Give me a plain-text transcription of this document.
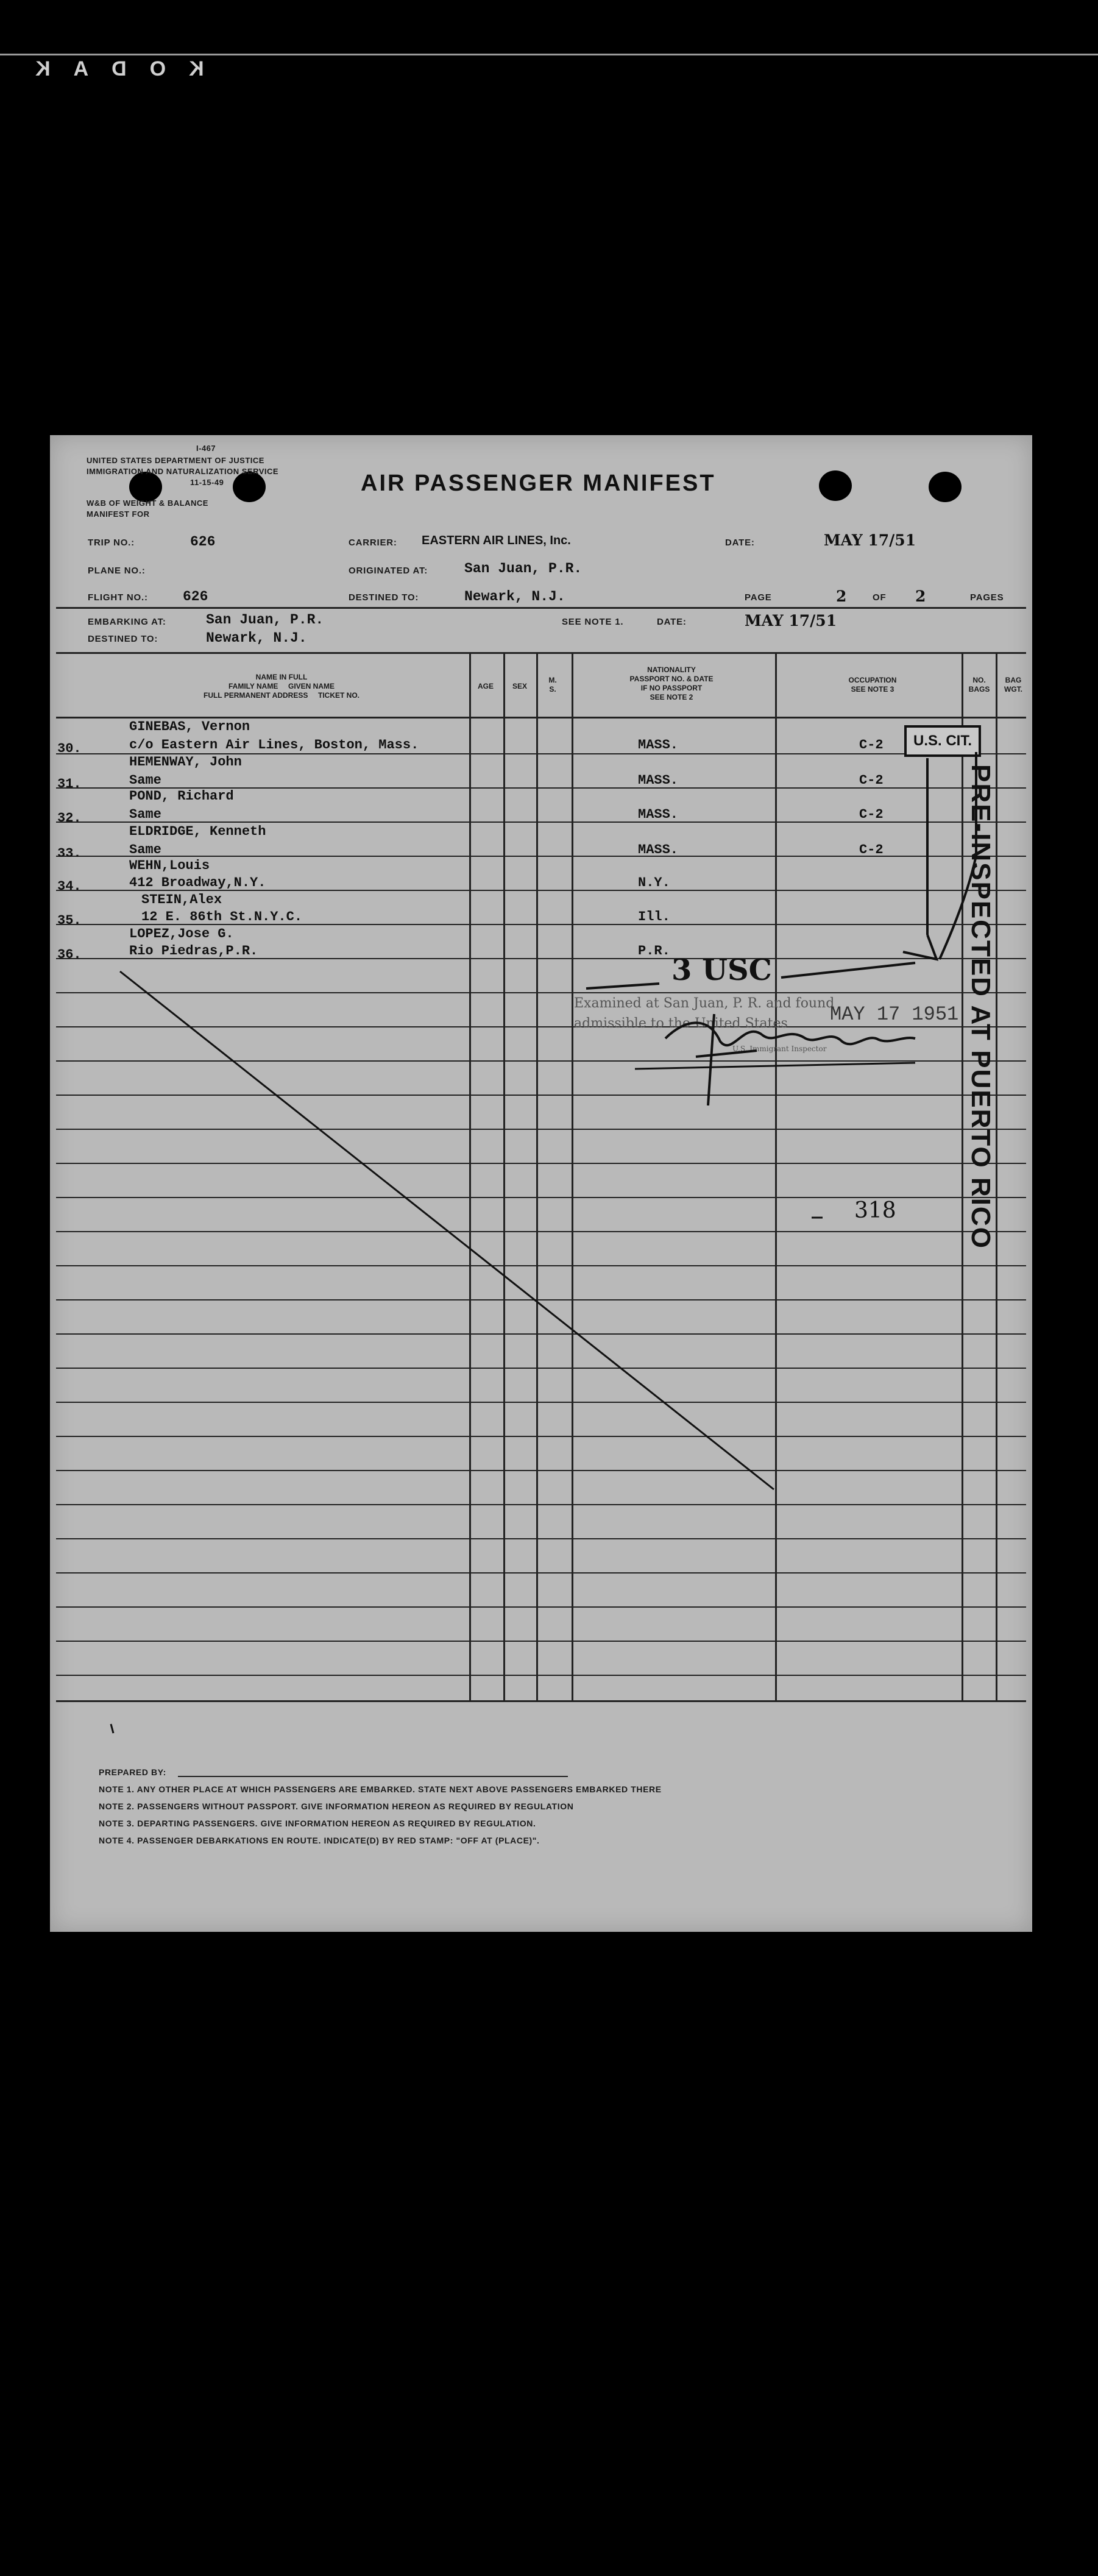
KODAK
I-467
UNITED STATES DEPARTMENT OF JUSTICE
IMMIGRATION AND NATURALIZATION SERVICE
11-15-49
W&B OF WEIGHT & BALANCE
MANIFEST FOR
AIR PASSENGER MANIFEST
TRIP NO.:	626
PLANE NO.:
FLIGHT NO.: 626
CARRIER: EASTERN AIR LINES, Inc.
ORIGINATED AT:	San Juan, P.R.
DESTINED TO:	Newark, N.J.
DATE:	MAY 17/51
PAGE	2	OF 2	PAGES
EMBARKING AT:	San Juan, P.R.
DESTINED TO:	Newark, N.J.
SEE NOTE 1.	DATE:	MAY 17/51
NAME IN FULL
FAMILY NAME     GIVEN NAME
FULL PERMANENT ADDRESS     TICKET NO.
AGE	SEX
M.
S.
NATIONALITY
PASSPORT NO. & DATE
IF NO PASSPORT
SEE NOTE 2
OCCUPATION
SEE NOTE 3
NO.
BAGS
BAG
WGT.
30.
GINEBAS, Vernon
c/o Eastern Air Lines, Boston, Mass.	MASS.	C-2
31.
HEMENWAY, John
Same	MASS.	C-2
32.
POND, Richard
Same	MASS.	C-2
33.
ELDRIDGE, Kenneth
Same	MASS.	C-2
34.
WEHN,Louis
412 Broadway,N.Y.	N.Y.
35.
STEIN,Alex
12 E. 86th St.N.Y.C.	Ill.
36.
LOPEZ,Jose G.
Rio Piedras,P.R.	P.R.
U.S. CIT.
PRE-INSPECTED AT PUERTO RICO
3 USC
Examined at San Juan, P. R. and found
admissible to the United States
U.S. Immigrant Inspector
MAY 17 1951
318
PREPARED BY:
NOTE 1. ANY OTHER PLACE AT WHICH PASSENGERS ARE EMBARKED. STATE NEXT ABOVE PASSENGERS EMBARKED THERE
NOTE 2. PASSENGERS WITHOUT PASSPORT. GIVE INFORMATION HEREON AS REQUIRED BY REGULATION
NOTE 3. DEPARTING PASSENGERS. GIVE INFORMATION HEREON AS REQUIRED BY REGULATION.
NOTE 4. PASSENGER DEBARKATIONS EN ROUTE. INDICATE(D) BY RED STAMP: "OFF AT (PLACE)".
